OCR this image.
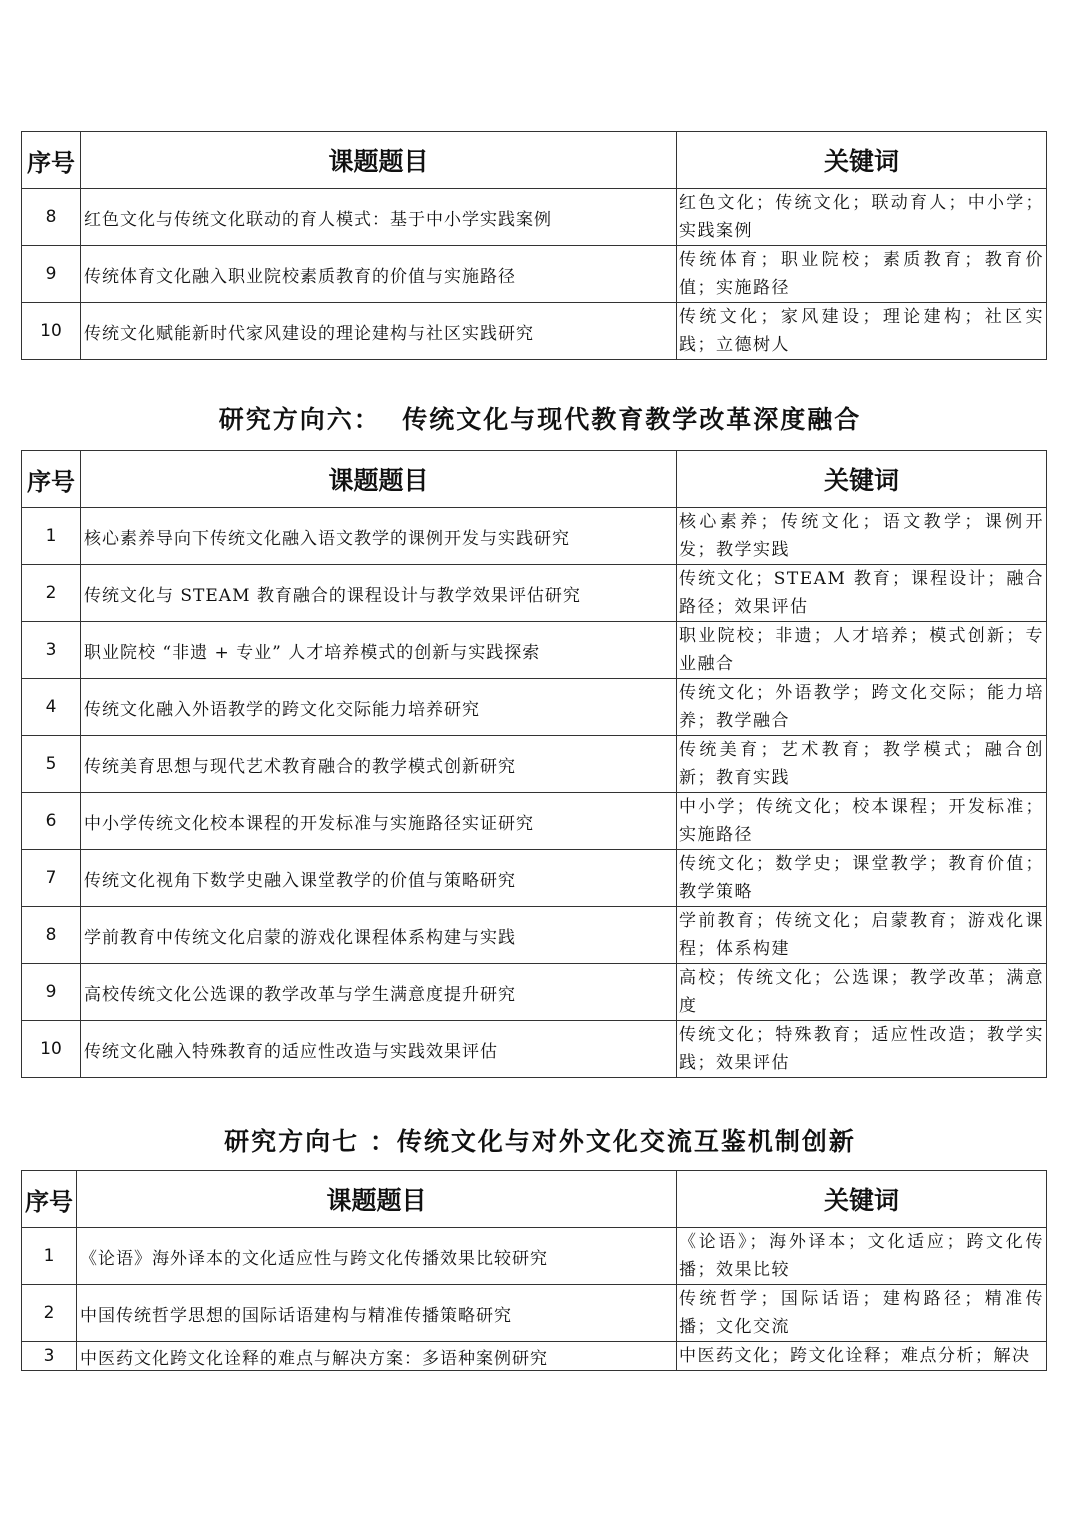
序号	课题题目	关键词
8	红色文化与传统文化联动的育人模式：基于中小学实践案例	红色文化；传统文化；联动育人；中小学；实践案例
9	传统体育文化融入职业院校素质教育的价值与实施路径	传统体育；职业院校；素质教育；教育价值；实施路径
10	传统文化赋能新时代家风建设的理论建构与社区实践研究	传统文化；家风建设；理论建构；社区实践；立德树人
研究方向六：  传统文化与现代教育教学改革深度融合
序号	课题题目	关键词
1	核心素养导向下传统文化融入语文教学的课例开发与实践研究	核心素养；传统文化；语文教学；课例开发；教学实践
2	传统文化与 STEAM 教育融合的课程设计与教学效果评估研究	传统文化；STEAM 教育；课程设计；融合路径；效果评估
3	职业院校 “非遗 + 专业” 人才培养模式的创新与实践探索	职业院校；非遗；人才培养；模式创新；专业融合
4	传统文化融入外语教学的跨文化交际能力培养研究	传统文化；外语教学；跨文化交际；能力培养；教学融合
5	传统美育思想与现代艺术教育融合的教学模式创新研究	传统美育；艺术教育；教学模式；融合创新；教育实践
6	中小学传统文化校本课程的开发标准与实施路径实证研究	中小学；传统文化；校本课程；开发标准；实施路径
7	传统文化视角下数学史融入课堂教学的价值与策略研究	传统文化；数学史；课堂教学；教育价值；教学策略
8	学前教育中传统文化启蒙的游戏化课程体系构建与实践	学前教育；传统文化；启蒙教育；游戏化课程；体系构建
9	高校传统文化公选课的教学改革与学生满意度提升研究	高校；传统文化；公选课；教学改革；满意度
10	传统文化融入特殊教育的适应性改造与实践效果评估	传统文化；特殊教育；适应性改造；教学实践；效果评估
研究方向七 ：传统文化与对外文化交流互鉴机制创新
序号	课题题目	关键词
1	《论语》海外译本的文化适应性与跨文化传播效果比较研究	《论语》；海外译本；文化适应；跨文化传播；效果比较
2	中国传统哲学思想的国际话语建构与精准传播策略研究	传统哲学；国际话语；建构路径；精准传播；文化交流
3	中医药文化跨文化诠释的难点与解决方案：多语种案例研究	中医药文化；跨文化诠释；难点分析；解决
